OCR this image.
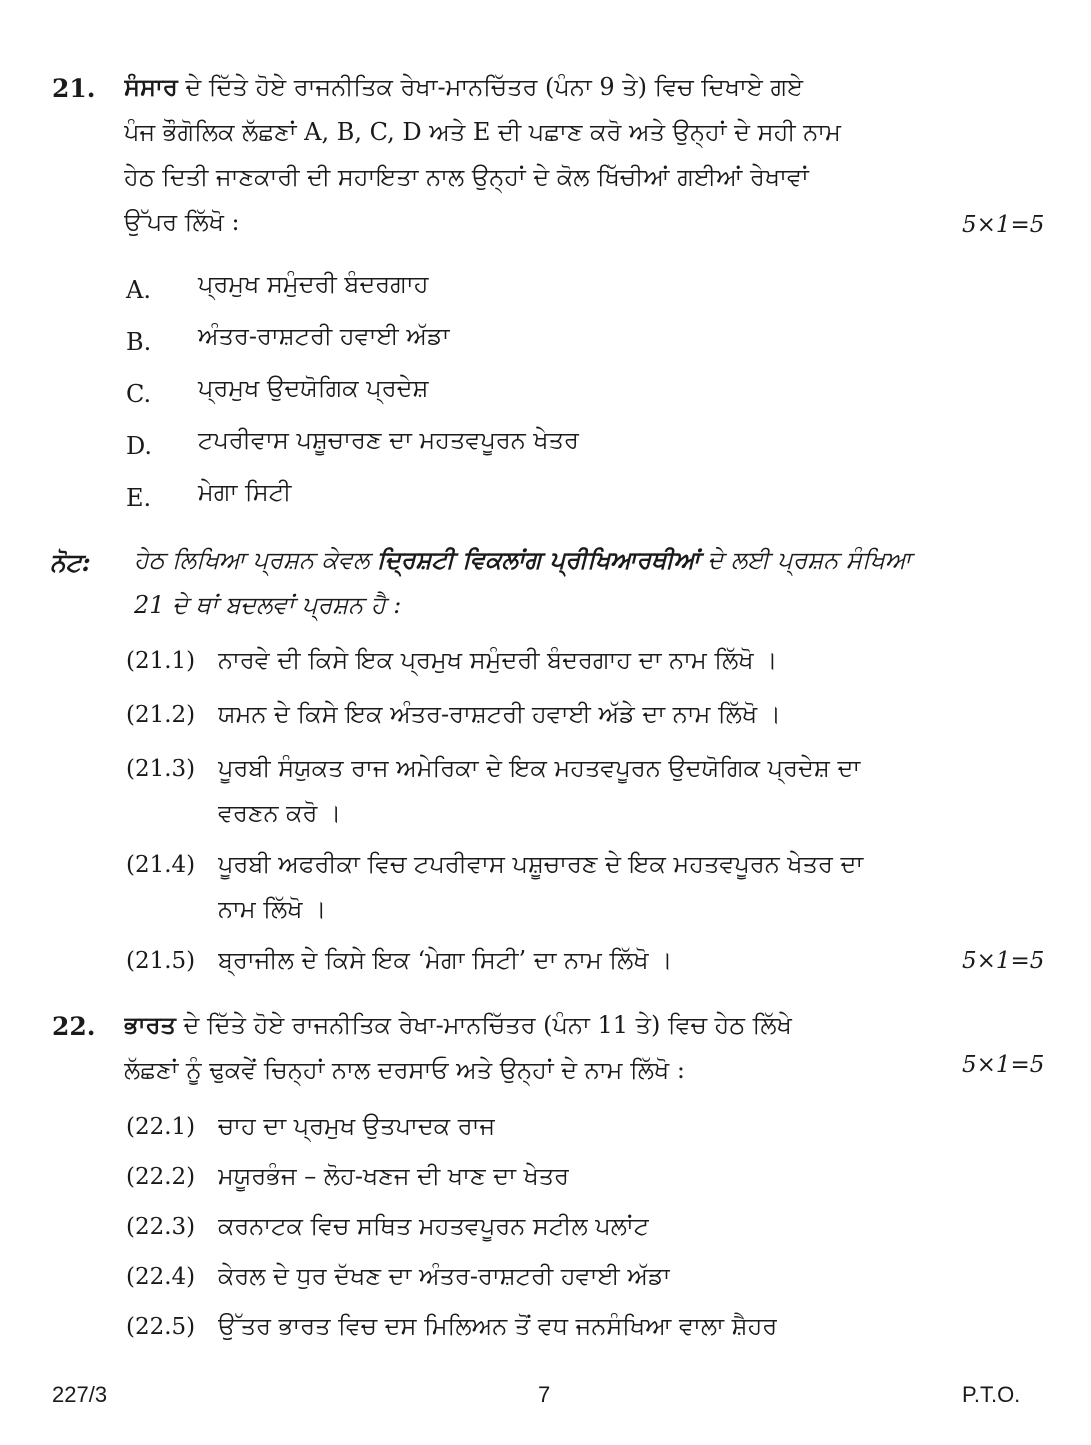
21. ਸੰਸਾਰ ਦੇ ਦਿੱਤੇ ਹੋਏ ਰਾਜਨੀਤਿਕ ਰੇਖਾ-ਮਾਨਚਿੱਤਰ (ਪੰਨਾ 9 ਤੇ) ਵਿਚ ਦਿਖਾਏ ਗਏ
ਪੰਜ ਭੌਗੋਲਿਕ ਲੱਛਣਾਂ A, B, C, D ਅਤੇ E ਦੀ ਪਛਾਣ ਕਰੋ ਅਤੇ ਉਨ੍ਹਾਂ ਦੇ ਸਹੀ ਨਾਮ
ਹੇਠ ਦਿਤੀ ਜਾਣਕਾਰੀ ਦੀ ਸਹਾਇਤਾ ਨਾਲ ਉਨ੍ਹਾਂ ਦੇ ਕੋਲ ਖਿੱਚੀਆਂ ਗਈਆਂ ਰੇਖਾਵਾਂ
ਉੱਪਰ ਲਿੱਖੋ :	5×1=5
A. ਪ੍ਰਮੁਖ ਸਮੁੰਦਰੀ ਬੰਦਰਗਾਹ
B. ਅੰਤਰ-ਰਾਸ਼ਟਰੀ ਹਵਾਈ ਅੱਡਾ
C. ਪ੍ਰਮੁਖ ਉਦਯੋਗਿਕ ਪ੍ਰਦੇਸ਼
D. ਟਪਰੀਵਾਸ ਪਸ਼ੂਚਾਰਣ ਦਾ ਮਹਤਵਪੂਰਨ ਖੇਤਰ
E. ਮੇਗਾ ਸਿਟੀ
ਨੋਟ: ਹੇਠ ਲਿਖਿਆ ਪ੍ਰਸ਼ਨ ਕੇਵਲ ਦ੍ਰਿਸ਼ਟੀ ਵਿਕਲਾਂਗ ਪ੍ਰੀਖਿਆਰਥੀਆਂ ਦੇ ਲਈ ਪ੍ਰਸ਼ਨ ਸੰਖਿਆ
21 ਦੇ ਥਾਂ ਬਦਲਵਾਂ ਪ੍ਰਸ਼ਨ ਹੈ :
(21.1) ਨਾਰਵੇ ਦੀ ਕਿਸੇ ਇਕ ਪ੍ਰਮੁਖ ਸਮੁੰਦਰੀ ਬੰਦਰਗਾਹ ਦਾ ਨਾਮ ਲਿੱਖੋ ।
(21.2) ਯਮਨ ਦੇ ਕਿਸੇ ਇਕ ਅੰਤਰ-ਰਾਸ਼ਟਰੀ ਹਵਾਈ ਅੱਡੇ ਦਾ ਨਾਮ ਲਿੱਖੋ ।
(21.3) ਪੂਰਬੀ ਸੰਯੁਕਤ ਰਾਜ ਅਮੇਰਿਕਾ ਦੇ ਇਕ ਮਹਤਵਪੂਰਨ ਉਦਯੋਗਿਕ ਪ੍ਰਦੇਸ਼ ਦਾ
ਵਰਣਨ ਕਰੋ ।
(21.4) ਪੂਰਬੀ ਅਫਰੀਕਾ ਵਿਚ ਟਪਰੀਵਾਸ ਪਸ਼ੂਚਾਰਣ ਦੇ ਇਕ ਮਹਤਵਪੂਰਨ ਖੇਤਰ ਦਾ
ਨਾਮ ਲਿੱਖੋ ।
(21.5) ਬ੍ਰਾਜੀਲ ਦੇ ਕਿਸੇ ਇਕ ‘ਮੇਗਾ ਸਿਟੀ’ ਦਾ ਨਾਮ ਲਿੱਖੋ ।	5×1=5
22. ਭਾਰਤ ਦੇ ਦਿੱਤੇ ਹੋਏ ਰਾਜਨੀਤਿਕ ਰੇਖਾ-ਮਾਨਚਿੱਤਰ (ਪੰਨਾ 11 ਤੇ) ਵਿਚ ਹੇਠ ਲਿੱਖੇ
ਲੱਛਣਾਂ ਨੂੰ ਢੁਕਵੇਂ ਚਿਨ੍ਹਾਂ ਨਾਲ ਦਰਸਾਓ ਅਤੇ ਉਨ੍ਹਾਂ ਦੇ ਨਾਮ ਲਿੱਖੋ :	5×1=5
(22.1) ਚਾਹ ਦਾ ਪ੍ਰਮੁਖ ਉਤਪਾਦਕ ਰਾਜ
(22.2) ਮਯੂਰਭੰਜ – ਲੋਹ-ਖਣਜ ਦੀ ਖਾਣ ਦਾ ਖੇਤਰ
(22.3) ਕਰਨਾਟਕ ਵਿਚ ਸਥਿਤ ਮਹਤਵਪੂਰਨ ਸਟੀਲ ਪਲਾਂਟ
(22.4) ਕੇਰਲ ਦੇ ਧੁਰ ਦੱਖਣ ਦਾ ਅੰਤਰ-ਰਾਸ਼ਟਰੀ ਹਵਾਈ ਅੱਡਾ
(22.5) ਉੱਤਰ ਭਾਰਤ ਵਿਚ ਦਸ ਮਿਲਿਅਨ ਤੋਂ ਵਧ ਜਨਸੰਖਿਆ ਵਾਲਾ ਸ਼ੈਹਰ
227/3	7	P.T.O.
